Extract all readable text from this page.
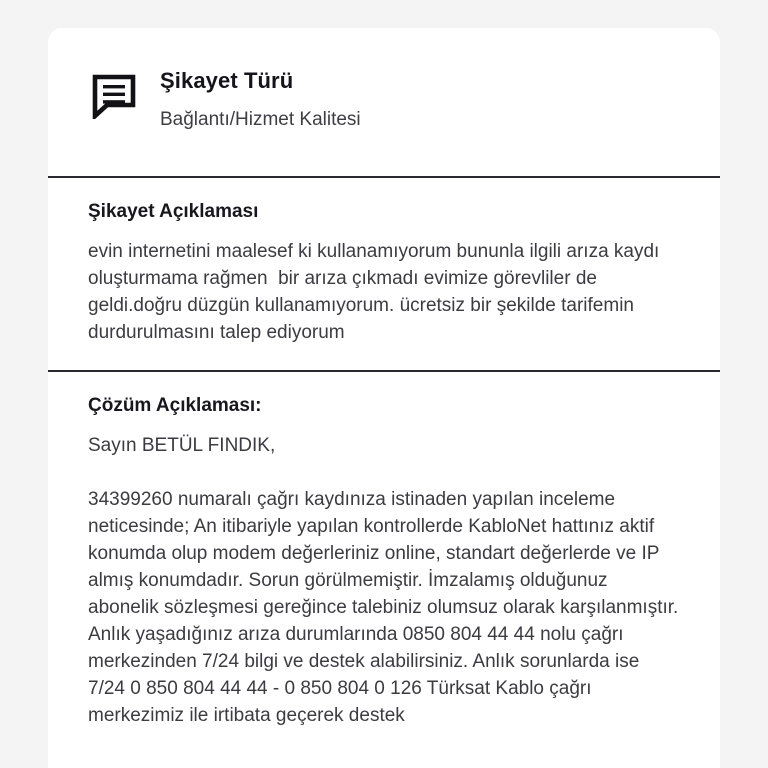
Şikayet Türü
Bağlantı/Hizmet Kalitesi
Şikayet Açıklaması
evin internetini maalesef ki kullanamıyorum bununla ilgili arıza kaydı oluşturmama rağmen  bir arıza çıkmadı evimize görevliler de geldi.doğru düzgün kullanamıyorum. ücretsiz bir şekilde tarifemin durdurulmasını talep ediyorum
Çözüm Açıklaması:
Sayın BETÜL FINDIK,
34399260 numaralı çağrı kaydınıza istinaden yapılan inceleme neticesinde; An itibariyle yapılan kontrollerde KabloNet hattınız aktif konumda olup modem değerleriniz online, standart değerlerde ve IP almış konumdadır. Sorun görülmemiştir. İmzalamış olduğunuz abonelik sözleşmesi gereğince talebiniz olumsuz olarak karşılanmıştır.
Anlık yaşadığınız arıza durumlarında 0850 804 44 44 nolu çağrı merkezinden 7/24 bilgi ve destek alabilirsiniz. Anlık sorunlarda ise 7/24 0 850 804 44 44 - 0 850 804 0 126 Türksat Kablo çağrı merkezimiz ile irtibata geçerek destek
